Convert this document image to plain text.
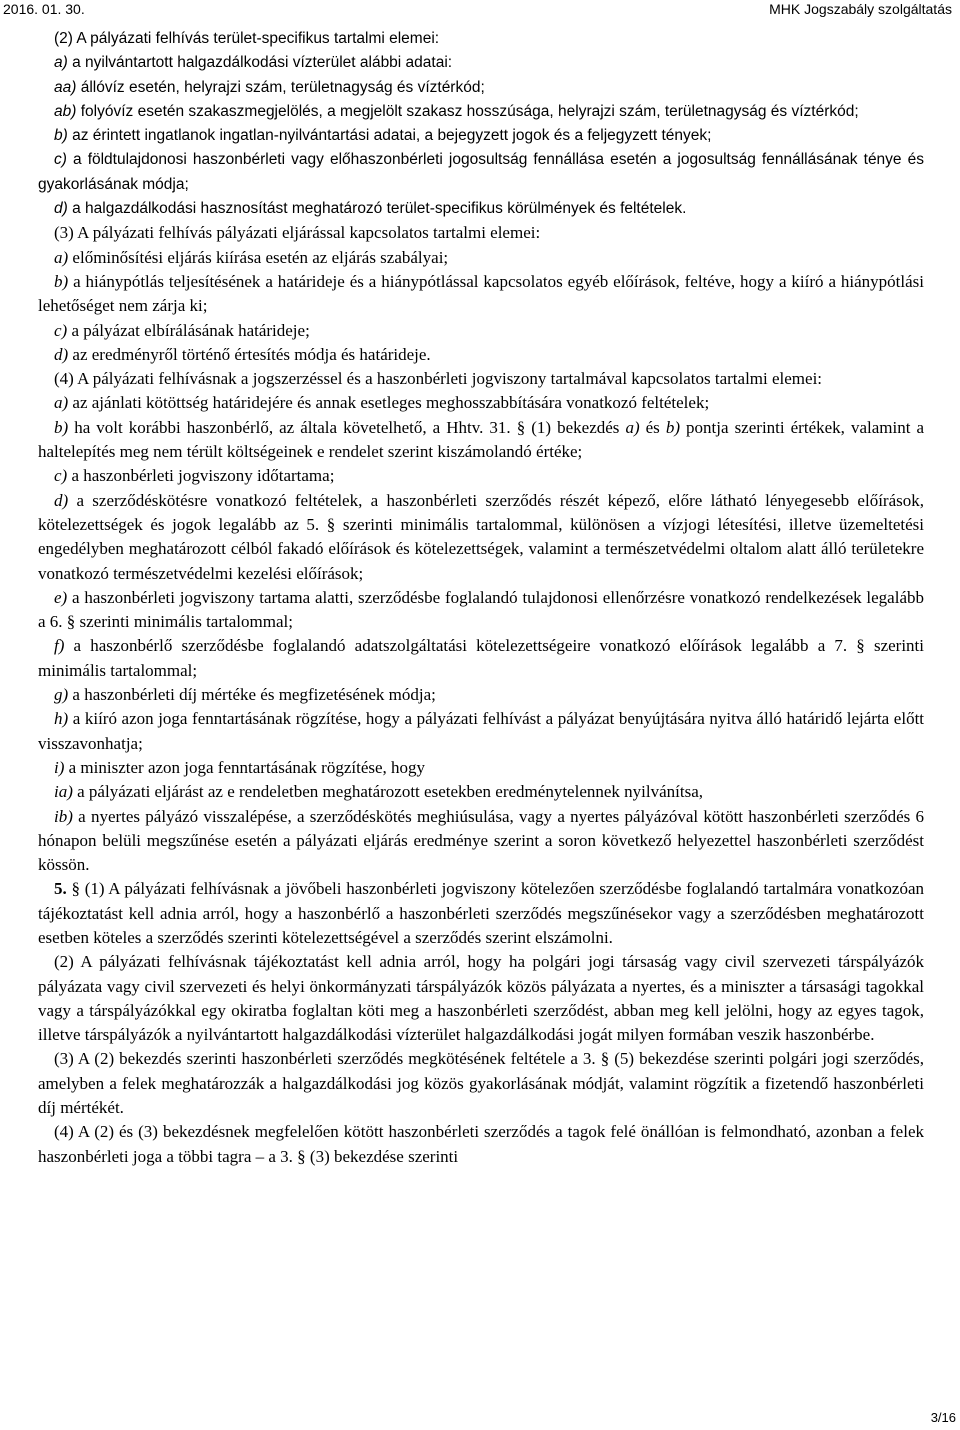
2016. 01. 30.	MHK Jogszabály szolgáltatás

(2) A pályázati felhívás terület-specifikus tartalmi elemei:

a) a nyilvántartott halgazdálkodási vízterület alábbi adatai:

aa) állóvíz esetén, helyrajzi szám, területnagyság és víztérkód;

ab) folyóvíz esetén szakaszmegjelölés, a megjelölt szakasz hosszúsága, helyrajzi szám, területnagyság és víztérkód;

b) az érintett ingatlanok ingatlan-nyilvántartási adatai, a bejegyzett jogok és a feljegyzett tények;

c) a földtulajdonosi haszonbérleti vagy előhaszonbérleti jogosultság fennállása esetén a jogosultság fennállásának ténye és gyakorlásának módja;

d) a halgazdálkodási hasznosítást meghatározó terület-specifikus körülmények és feltételek.

(3) A pályázati felhívás pályázati eljárással kapcsolatos tartalmi elemei:

a) előminősítési eljárás kiírása esetén az eljárás szabályai;

b) a hiánypótlás teljesítésének a határideje és a hiánypótlással kapcsolatos egyéb előírások, feltéve, hogy a kiíró a hiánypótlási lehetőséget nem zárja ki;

c) a pályázat elbírálásának határideje;

d) az eredményről történő értesítés módja és határideje.

(4) A pályázati felhívásnak a jogszerzéssel és a haszonbérleti jogviszony tartalmával kapcsolatos tartalmi elemei:

a) az ajánlati kötöttség határidejére és annak esetleges meghosszabbítására vonatkozó feltételek;

b) ha volt korábbi haszonbérlő, az általa követelhető, a Hhtv. 31. § (1) bekezdés a) és b) pontja szerinti értékek, valamint a haltelepítés meg nem térült költségeinek e rendelet szerint kiszámolandó értéke;

c) a haszonbérleti jogviszony időtartama;

d) a szerződéskötésre vonatkozó feltételek, a haszonbérleti szerződés részét képező, előre látható lényegesebb előírások, kötelezettségek és jogok legalább az 5. § szerinti minimális tartalommal, különösen a vízjogi létesítési, illetve üzemeltetési engedélyben meghatározott célból fakadó előírások és kötelezettségek, valamint a természetvédelmi oltalom alatt álló területekre vonatkozó természetvédelmi kezelési előírások;

e) a haszonbérleti jogviszony tartama alatti, szerződésbe foglalandó tulajdonosi ellenőrzésre vonatkozó rendelkezések legalább a 6. § szerinti minimális tartalommal;

f) a haszonbérlő szerződésbe foglalandó adatszolgáltatási kötelezettségeire vonatkozó előírások legalább a 7. § szerinti minimális tartalommal;

g) a haszonbérleti díj mértéke és megfizetésének módja;

h) a kiíró azon joga fenntartásának rögzítése, hogy a pályázati felhívást a pályázat benyújtására nyitva álló határidő lejárta előtt visszavonhatja;

i) a miniszter azon joga fenntartásának rögzítése, hogy

ia) a pályázati eljárást az e rendeletben meghatározott esetekben eredménytelennek nyilvánítsa,

ib) a nyertes pályázó visszalépése, a szerződéskötés meghiúsulása, vagy a nyertes pályázóval kötött haszonbérleti szerződés 6 hónapon belüli megszűnése esetén a pályázati eljárás eredménye szerint a soron következő helyezettel haszonbérleti szerződést kössön.

5. § (1) A pályázati felhívásnak a jövőbeli haszonbérleti jogviszony kötelezően szerződésbe foglalandó tartalmára vonatkozóan tájékoztatást kell adnia arról, hogy a haszonbérlő a haszonbérleti szerződés megszűnésekor vagy a szerződésben meghatározott esetben köteles a szerződés szerinti kötelezettségével a szerződés szerint elszámolni.

(2) A pályázati felhívásnak tájékoztatást kell adnia arról, hogy ha polgári jogi társaság vagy civil szervezeti társpályázók pályázata vagy civil szervezeti és helyi önkormányzati társpályázók közös pályázata a nyertes, és a miniszter a társasági tagokkal vagy a társpályázókkal egy okiratba foglaltan köti meg a haszonbérleti szerződést, abban meg kell jelölni, hogy az egyes tagok, illetve társpályázók a nyilvántartott halgazdálkodási vízterület halgazdálkodási jogát milyen formában veszik haszonbérbe.

(3) A (2) bekezdés szerinti haszonbérleti szerződés megkötésének feltétele a 3. § (5) bekezdése szerinti polgári jogi szerződés, amelyben a felek meghatározzák a halgazdálkodási jog közös gyakorlásának módját, valamint rögzítik a fizetendő haszonbérleti díj mértékét.

(4) A (2) és (3) bekezdésnek megfelelően kötött haszonbérleti szerződés a tagok felé önállóan is felmondható, azonban a felek haszonbérleti joga a többi tagra – a 3. § (3) bekezdése szerinti

3/16
